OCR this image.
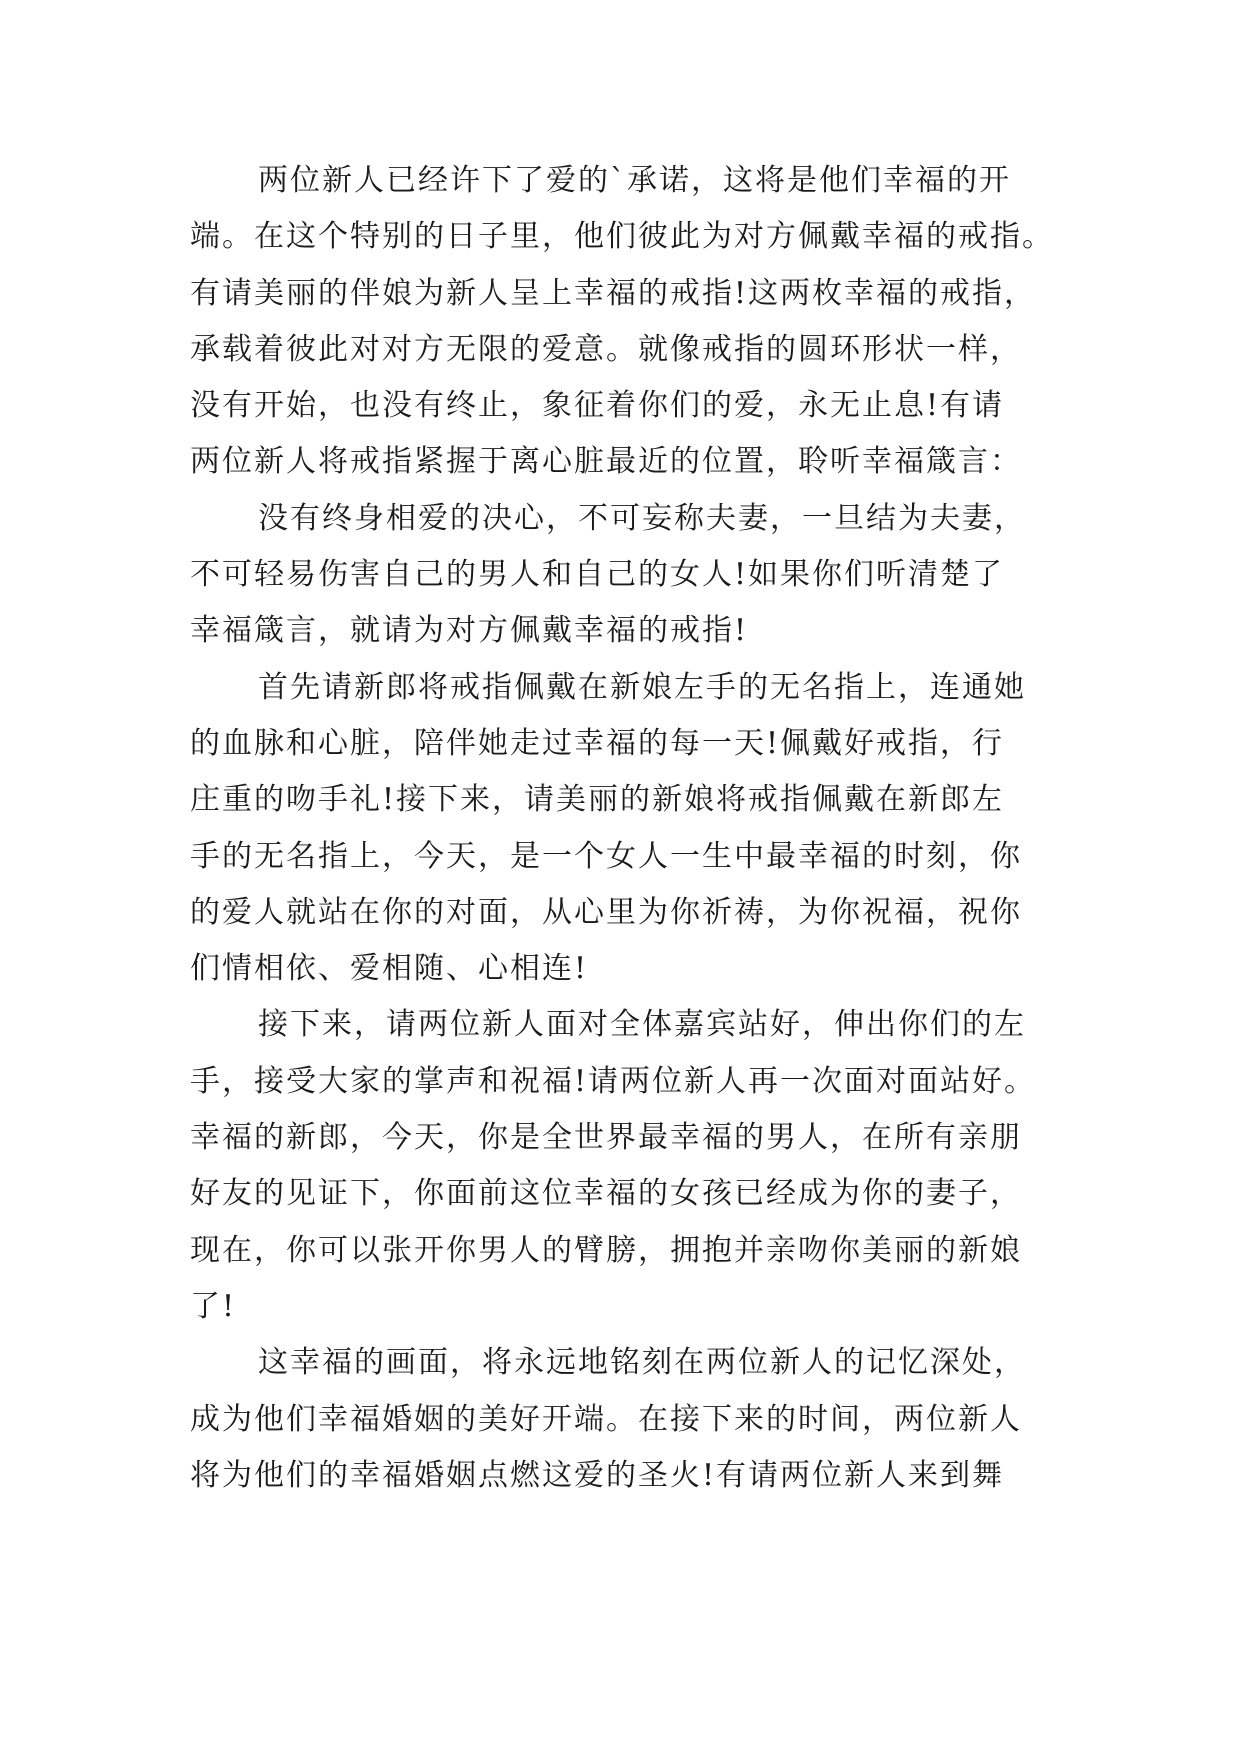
两位新人已经许下了爱的`承诺，这将是他们幸福的开
端。在这个特别的日子里，他们彼此为对方佩戴幸福的戒指。
有请美丽的伴娘为新人呈上幸福的戒指!这两枚幸福的戒指，
承载着彼此对对方无限的爱意。就像戒指的圆环形状一样，
没有开始，也没有终止，象征着你们的爱，永无止息!有请
两位新人将戒指紧握于离心脏最近的位置，聆听幸福箴言：
没有终身相爱的决心，不可妄称夫妻，一旦结为夫妻，
不可轻易伤害自己的男人和自己的女人!如果你们听清楚了
幸福箴言，就请为对方佩戴幸福的戒指!
首先请新郎将戒指佩戴在新娘左手的无名指上，连通她
的血脉和心脏，陪伴她走过幸福的每一天!佩戴好戒指，行
庄重的吻手礼!接下来，请美丽的新娘将戒指佩戴在新郎左
手的无名指上，今天，是一个女人一生中最幸福的时刻，你
的爱人就站在你的对面，从心里为你祈祷，为你祝福，祝你
们情相依、爱相随、心相连!
接下来，请两位新人面对全体嘉宾站好，伸出你们的左
手，接受大家的掌声和祝福!请两位新人再一次面对面站好。
幸福的新郎，今天，你是全世界最幸福的男人，在所有亲朋
好友的见证下，你面前这位幸福的女孩已经成为你的妻子，
现在，你可以张开你男人的臂膀，拥抱并亲吻你美丽的新娘
了!
这幸福的画面，将永远地铭刻在两位新人的记忆深处，
成为他们幸福婚姻的美好开端。在接下来的时间，两位新人
将为他们的幸福婚姻点燃这爱的圣火!有请两位新人来到舞
